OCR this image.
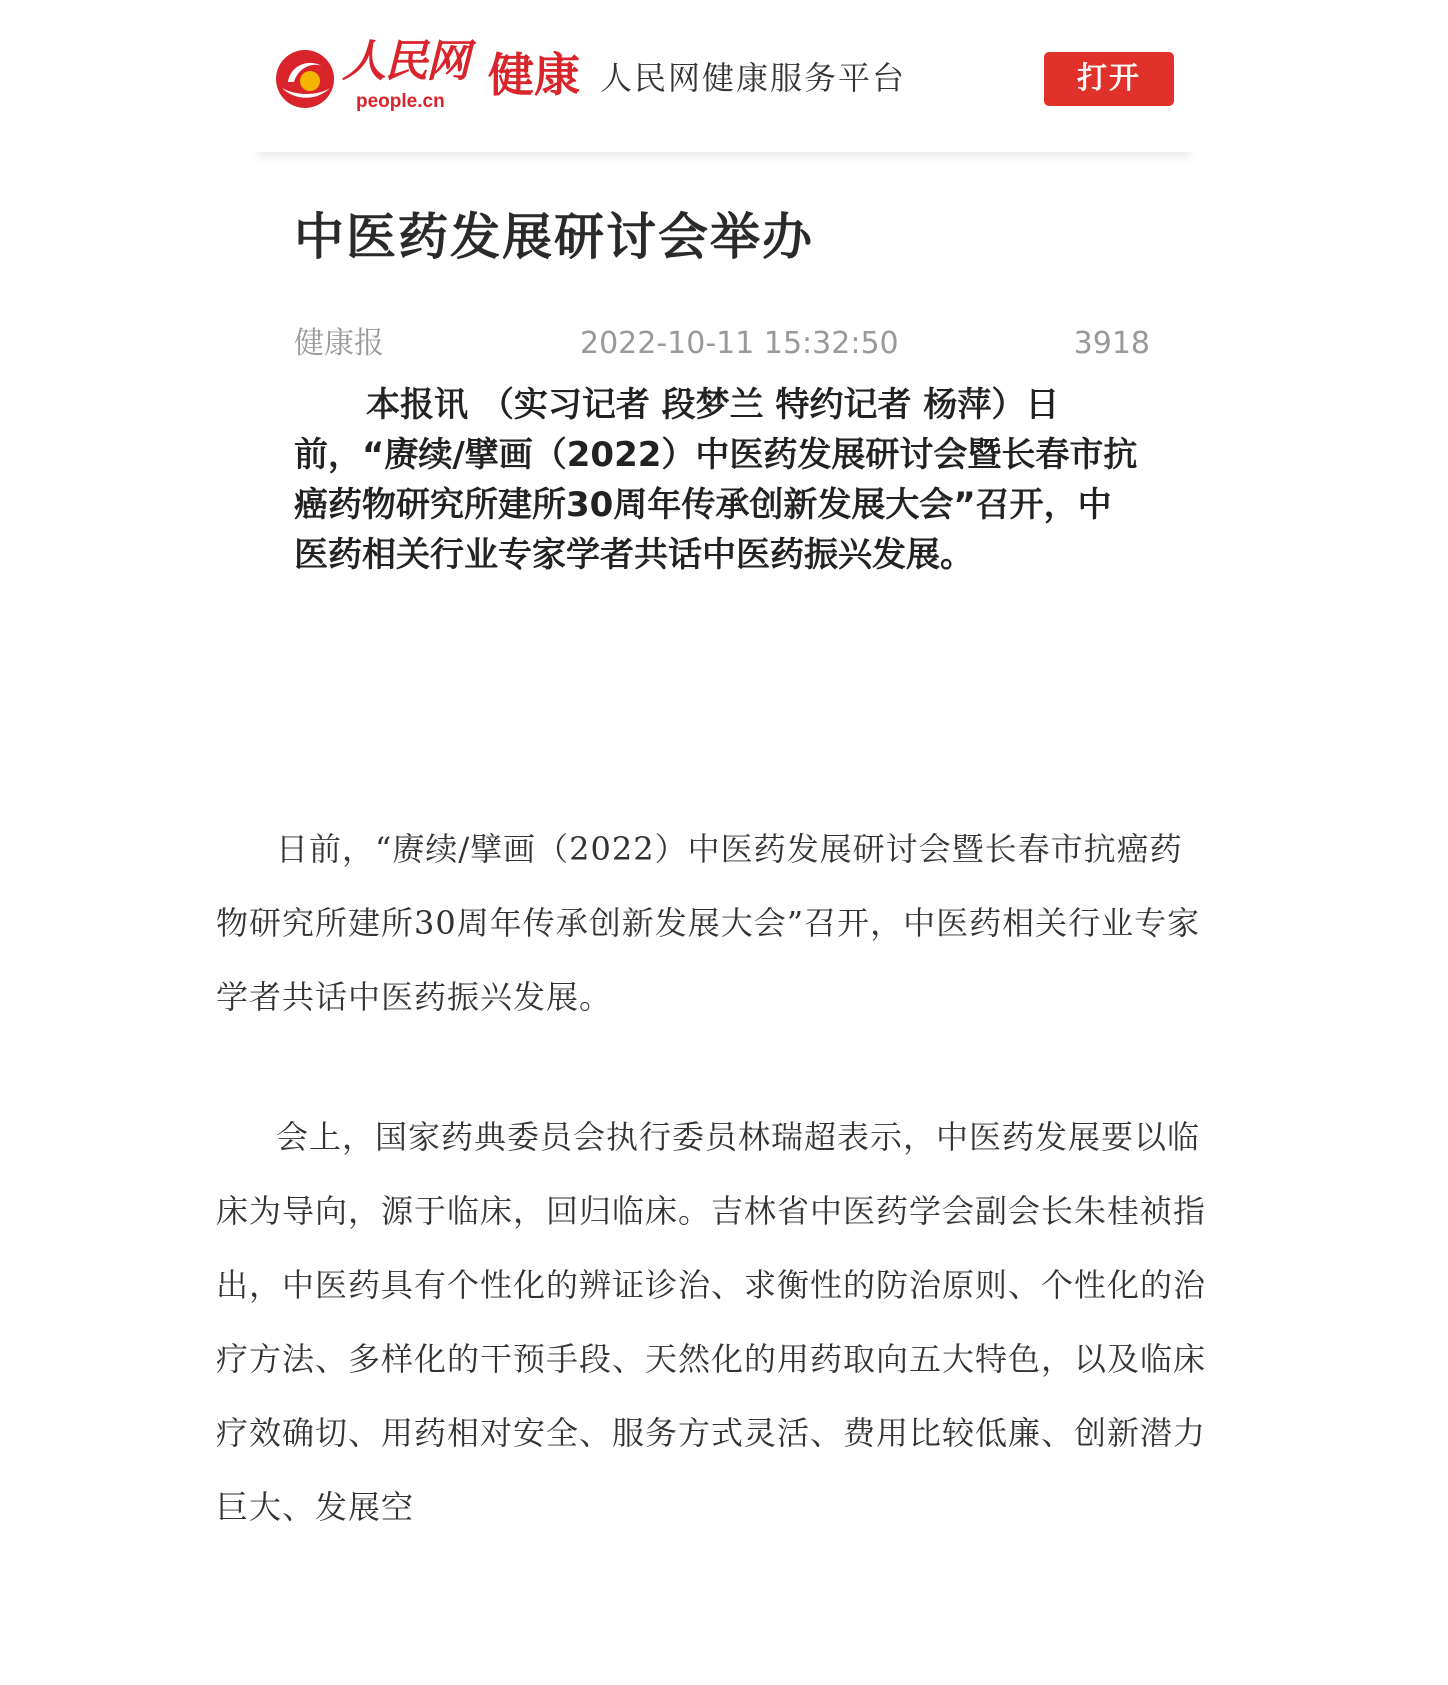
人民网
people.cn 健康 人民网健康服务平台	打开
中医药发展研讨会举办
健康报	2022-10-11 15:32:50	3918

本报讯 （实习记者 段梦兰 特约记者 杨萍）日前，“赓续/擘画（2022）中医药发展研讨会暨长春市抗癌药物研究所建所30周年传承创新发展大会”召开，中医药相关行业专家学者共话中医药振兴发展。

日前，“赓续/擘画（2022）中医药发展研讨会暨长春市抗癌药物研究所建所30周年传承创新发展大会”召开，中医药相关行业专家学者共话中医药振兴发展。

会上，国家药典委员会执行委员林瑞超表示，中医药发展要以临床为导向，源于临床，回归临床。吉林省中医药学会副会长朱桂祯指出，中医药具有个性化的辨证诊治、求衡性的防治原则、个性化的治疗方法、多样化的干预手段、天然化的用药取向五大特色，以及临床疗效确切、用药相对安全、服务方式灵活、费用比较低廉、创新潜力巨大、发展空
